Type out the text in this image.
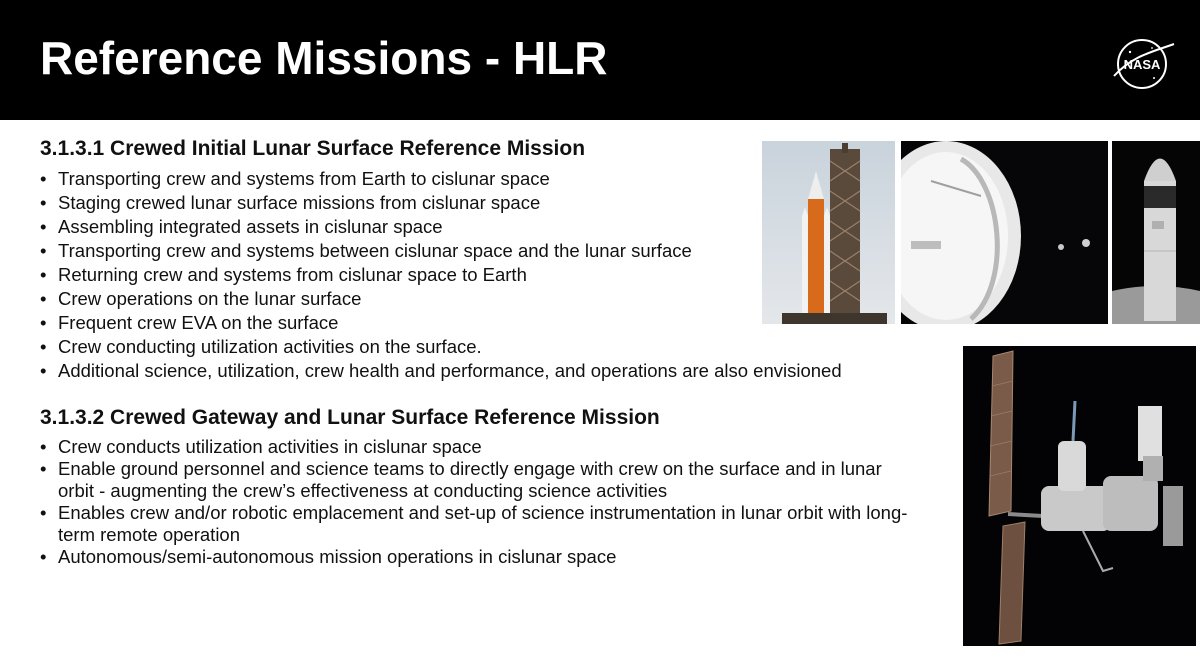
Reference Missions - HLR	NASA
3.1.3.1 Crewed Initial Lunar Surface Reference Mission
• Transporting crew and systems from Earth to cislunar space
• Staging crewed lunar surface missions from cislunar space
• Assembling integrated assets in cislunar space
• Transporting crew and systems between cislunar space and the lunar surface
• Returning crew and systems from cislunar space to Earth
• Crew operations on the lunar surface
• Frequent crew EVA on the surface
• Crew conducting utilization activities on the surface.
• Additional science, utilization, crew health and performance, and operations are also envisioned
3.1.3.2 Crewed Gateway and Lunar Surface Reference Mission
• Crew conducts utilization activities in cislunar space
• Enable ground personnel and science teams to directly engage with crew on the surface and in lunar orbit - augmenting the crew’s effectiveness at conducting science activities
• Enables crew and/or robotic emplacement and set-up of science instrumentation in lunar orbit with long-term remote operation
• Autonomous/semi-autonomous mission operations in cislunar space
